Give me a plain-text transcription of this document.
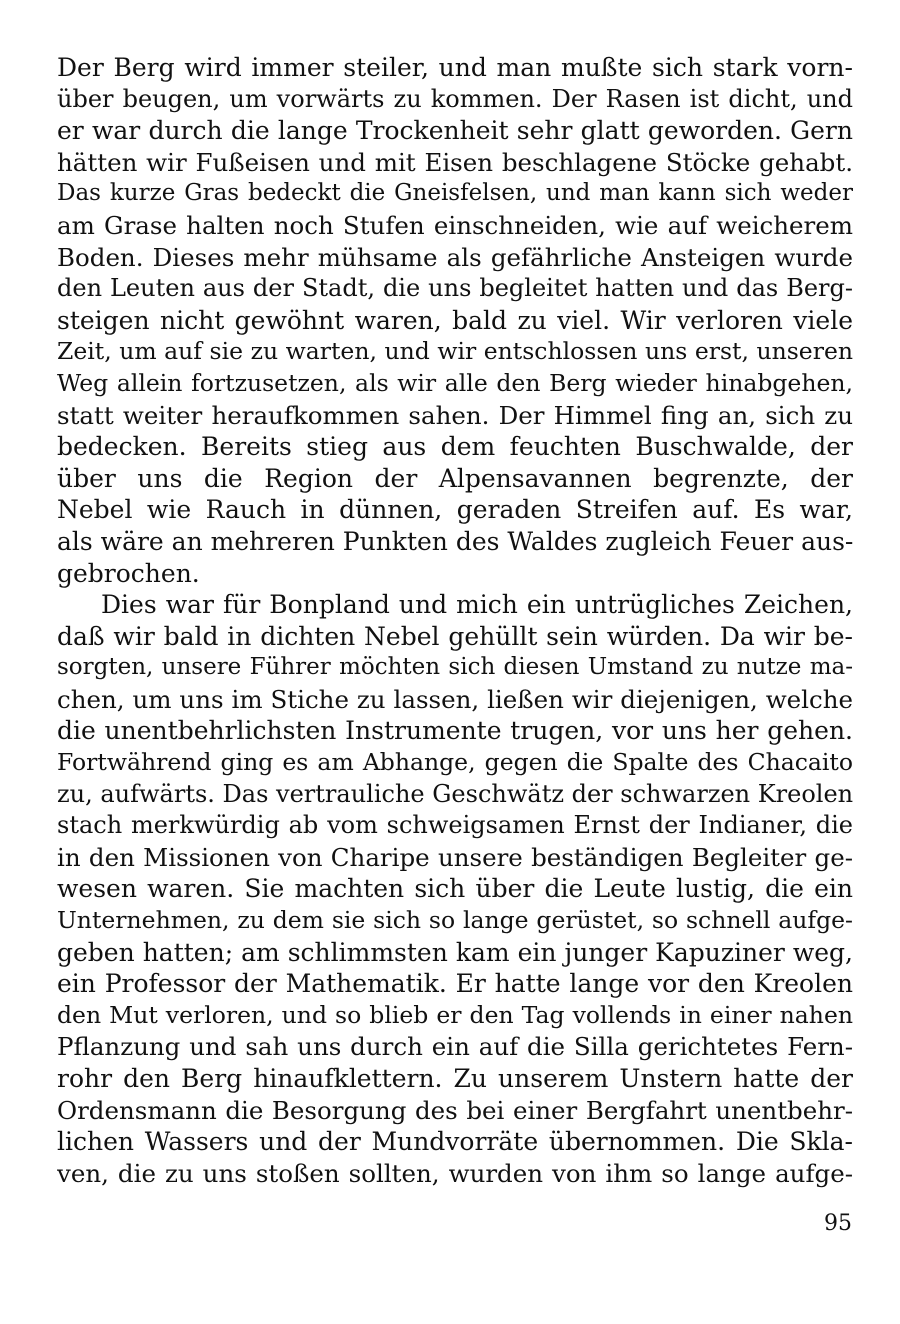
Der Berg wird immer steiler, und man mußte sich stark vorn-
über beugen, um vorwärts zu kommen. Der Rasen ist dicht, und
er war durch die lange Trockenheit sehr glatt geworden. Gern
hätten wir Fußeisen und mit Eisen beschlagene Stöcke gehabt.
Das kurze Gras bedeckt die Gneisfelsen, und man kann sich weder
am Grase halten noch Stufen einschneiden, wie auf weicherem
Boden. Dieses mehr mühsame als gefährliche Ansteigen wurde
den Leuten aus der Stadt, die uns begleitet hatten und das Berg-
steigen nicht gewöhnt waren, bald zu viel. Wir verloren viele
Zeit, um auf sie zu warten, und wir entschlossen uns erst, unseren
Weg allein fortzusetzen, als wir alle den Berg wieder hinabgehen,
statt weiter heraufkommen sahen. Der Himmel fing an, sich zu
bedecken. Bereits stieg aus dem feuchten Buschwalde, der
über uns die Region der Alpensavannen begrenzte, der
Nebel wie Rauch in dünnen, geraden Streifen auf. Es war,
als wäre an mehreren Punkten des Waldes zugleich Feuer aus-
gebrochen.
Dies war für Bonpland und mich ein untrügliches Zeichen,
daß wir bald in dichten Nebel gehüllt sein würden. Da wir be-
sorgten, unsere Führer möchten sich diesen Umstand zu nutze ma-
chen, um uns im Stiche zu lassen, ließen wir diejenigen, welche
die unentbehrlichsten Instrumente trugen, vor uns her gehen.
Fortwährend ging es am Abhange, gegen die Spalte des Chacaito
zu, aufwärts. Das vertrauliche Geschwätz der schwarzen Kreolen
stach merkwürdig ab vom schweigsamen Ernst der Indianer, die
in den Missionen von Charipe unsere beständigen Begleiter ge-
wesen waren. Sie machten sich über die Leute lustig, die ein
Unternehmen, zu dem sie sich so lange gerüstet, so schnell aufge-
geben hatten; am schlimmsten kam ein junger Kapuziner weg,
ein Professor der Mathematik. Er hatte lange vor den Kreolen
den Mut verloren, und so blieb er den Tag vollends in einer nahen
Pflanzung und sah uns durch ein auf die Silla gerichtetes Fern-
rohr den Berg hinaufklettern. Zu unserem Unstern hatte der
Ordensmann die Besorgung des bei einer Bergfahrt unentbehr-
lichen Wassers und der Mundvorräte übernommen. Die Skla-
ven, die zu uns stoßen sollten, wurden von ihm so lange aufge-
95
